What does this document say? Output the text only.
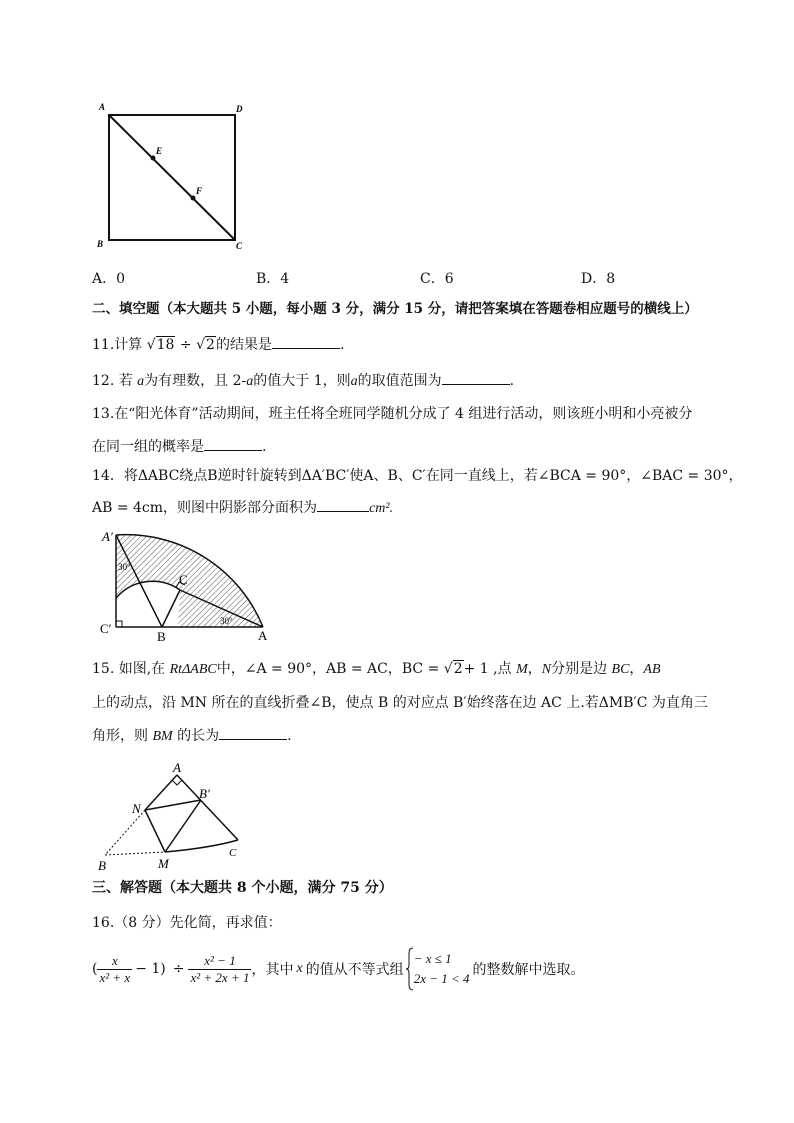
A	D
E
F
B	C
A．0	B．4	C．6	D．8
二、填空题（本大题共 5 小题，每小题 3 分，满分 15 分，请把答案填在答题卷相应题号的横线上）
11.计算 √18 ÷ √2的结果是	.
12. 若 a为有理数，且 2-a的值大于 1，则a的取值范围为	.
13.在“阳光体育”活动期间，班主任将全班同学随机分成了 4 组进行活动，则该班小明和小亮被分
在同一组的概率是	.
14．将ΔABC绕点B逆时针旋转到ΔA′BC′使A、B、C′在同一直线上，若∠BCA = 90°，∠BAC = 30°，
AB = 4cm，则图中阴影部分面积为	cm².
A′
C
C′
B	A
30°
30°
15. 如图,在 RtΔABC中，∠A = 90°，AB = AC，BC = √2+ 1 ,点 M，N分别是边 BC，AB
上的动点，沿 MN 所在的直线折叠∠B，使点 B 的对应点 B′始终落在边 AC 上.若ΔMB′C 为直角三
角形，则 BM 的长为	.
A
B′
N
B	M
C
三、解答题（本大题共 8 个小题，满分 75 分）
16.（8 分）先化简，再求值：
( $\frac{x}{\text{x² + x}} - 1) \div \frac{\text{x² − 1}}{\text{x² + 2x + 1}}$ ，其中 x 的值从不等式组
− x ≤ 1
2x − 1 < 4
的整数解中选取。
